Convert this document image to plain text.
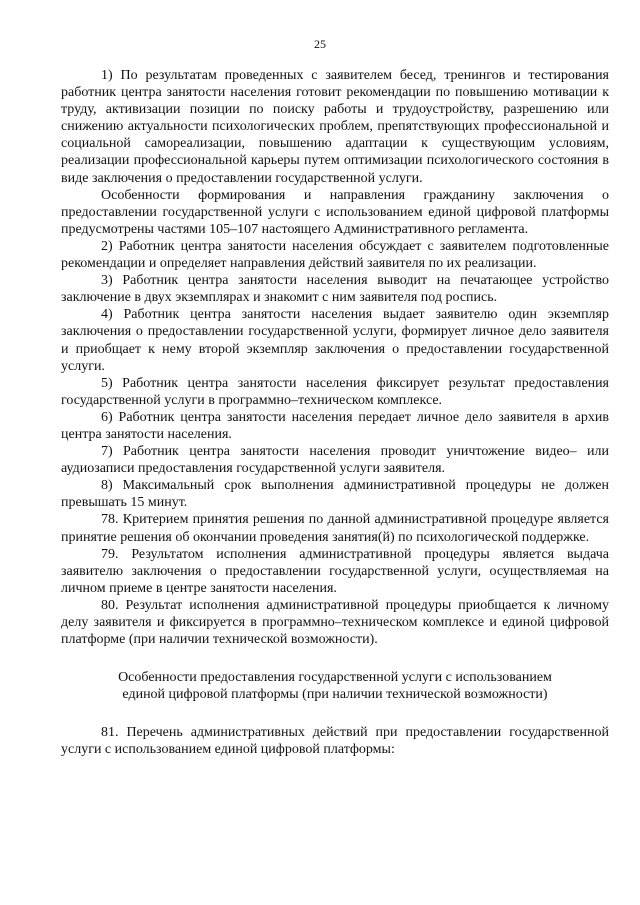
25

1) По результатам проведенных с заявителем бесед, тренингов и тестирования работник центра занятости населения готовит рекомендации по повышению мотивации к труду, активизации позиции по поиску работы и трудоустройству, разрешению или снижению актуальности психологических проблем, препятствующих профессиональной и социальной самореализации, повышению адаптации к существующим условиям, реализации профессиональной карьеры путем оптимизации психологического состояния в виде заключения о предоставлении государственной услуги.

Особенности формирования и направления гражданину заключения о предоставлении государственной услуги с использованием единой цифровой платформы предусмотрены частями 105–107 настоящего Административного регламента.

2) Работник центра занятости населения обсуждает с заявителем подготовленные рекомендации и определяет направления действий заявителя по их реализации.

3) Работник центра занятости населения выводит на печатающее устройство заключение в двух экземплярах и знакомит с ним заявителя под роспись.

4) Работник центра занятости населения выдает заявителю один экземпляр заключения о предоставлении государственной услуги, формирует личное дело заявителя и приобщает к нему второй экземпляр заключения о предоставлении государственной услуги.

5) Работник центра занятости населения фиксирует результат предоставления государственной услуги в программно–техническом комплексе.

6) Работник центра занятости населения передает личное дело заявителя в архив центра занятости населения.

7) Работник центра занятости населения проводит уничтожение видео– или аудиозаписи предоставления государственной услуги заявителя.

8) Максимальный срок выполнения административной процедуры не должен превышать 15 минут.

78. Критерием принятия решения по данной административной процедуре является принятие решения об окончании проведения занятия(й) по психологической поддержке.

79. Результатом исполнения административной процедуры является выдача заявителю заключения о предоставлении государственной услуги, осуществляемая на личном приеме в центре занятости населения.

80. Результат исполнения административной процедуры приобщается к личному делу заявителя и фиксируется в программно–техническом комплексе и единой цифровой платформе (при наличии технической возможности).

Особенности предоставления государственной услуги с использованием

единой цифровой платформы (при наличии технической возможности)

81. Перечень административных действий при предоставлении государственной услуги с использованием единой цифровой платформы:
